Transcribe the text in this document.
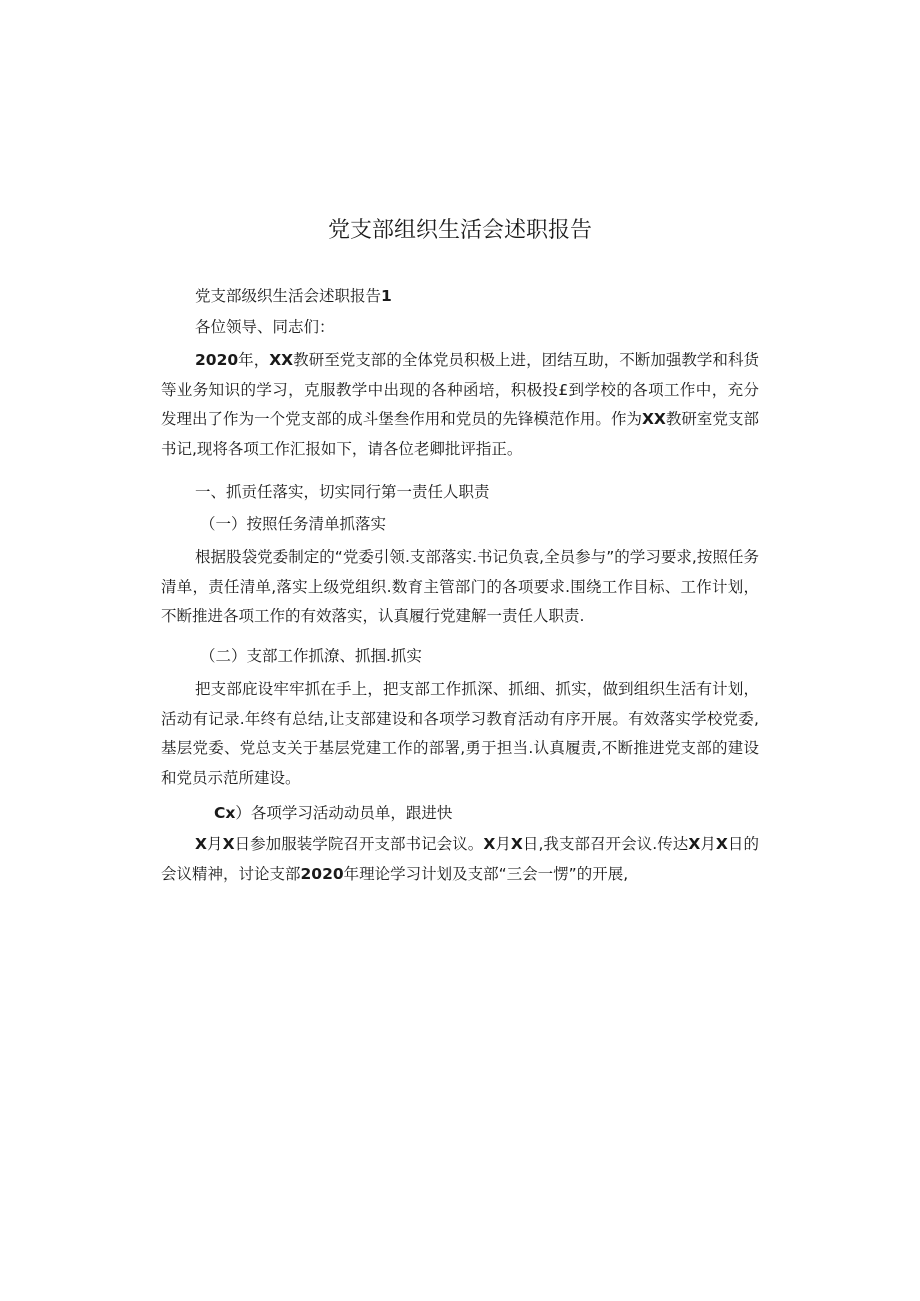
党支部组织生活会述职报告

党支部级织生活会述职报告1

各位领导、同志们：

2020年，XX教研至党支部的全体党员积极上进，团结互助，不断加强教学和科货等业务知识的学习，克服教学中出现的各种函培，积极投£到学校的各项工作中，充分发理出了作为一个党支部的成斗堡叁作用和党员的先锋模范作用。作为XX教研室党支部书记,现将各项工作汇报如下，请各位老卿批评指正。

一、抓贡任落实，切实同行第一责任人职责

（一）按照任务清单抓落实

根据股袋党委制定的“党委引领.支部落实.书记负袁,全员参与”的学习要求,按照任务清单，责任清单,落实上级党组织.数育主管部门的各项要求.围绕工作目标、工作计划，不断推进各项工作的有效落实，认真履行党建解一责任人职责.

（二）支部工作抓潦、抓掴.抓实

把支部庇设牢牢抓在手上，把支部工作抓深、抓细、抓实，做到组织生活有计划，活动有记录.年终有总结,让支部建设和各项学习教育活动有序开展。有效落实学校党委,基层党委、党总支关于基层党建工作的部署,勇于担当.认真履责,不断推进党支部的建设和党员示范所建设。

Cx）各项学习活动动员单，跟进快

X月X日参加服装学院召开支部书记会议。X月X日,我支部召开会议.传达X月X日的会议精神，讨论支部2020年理论学习计划及支部“三会一愣”的开展,
